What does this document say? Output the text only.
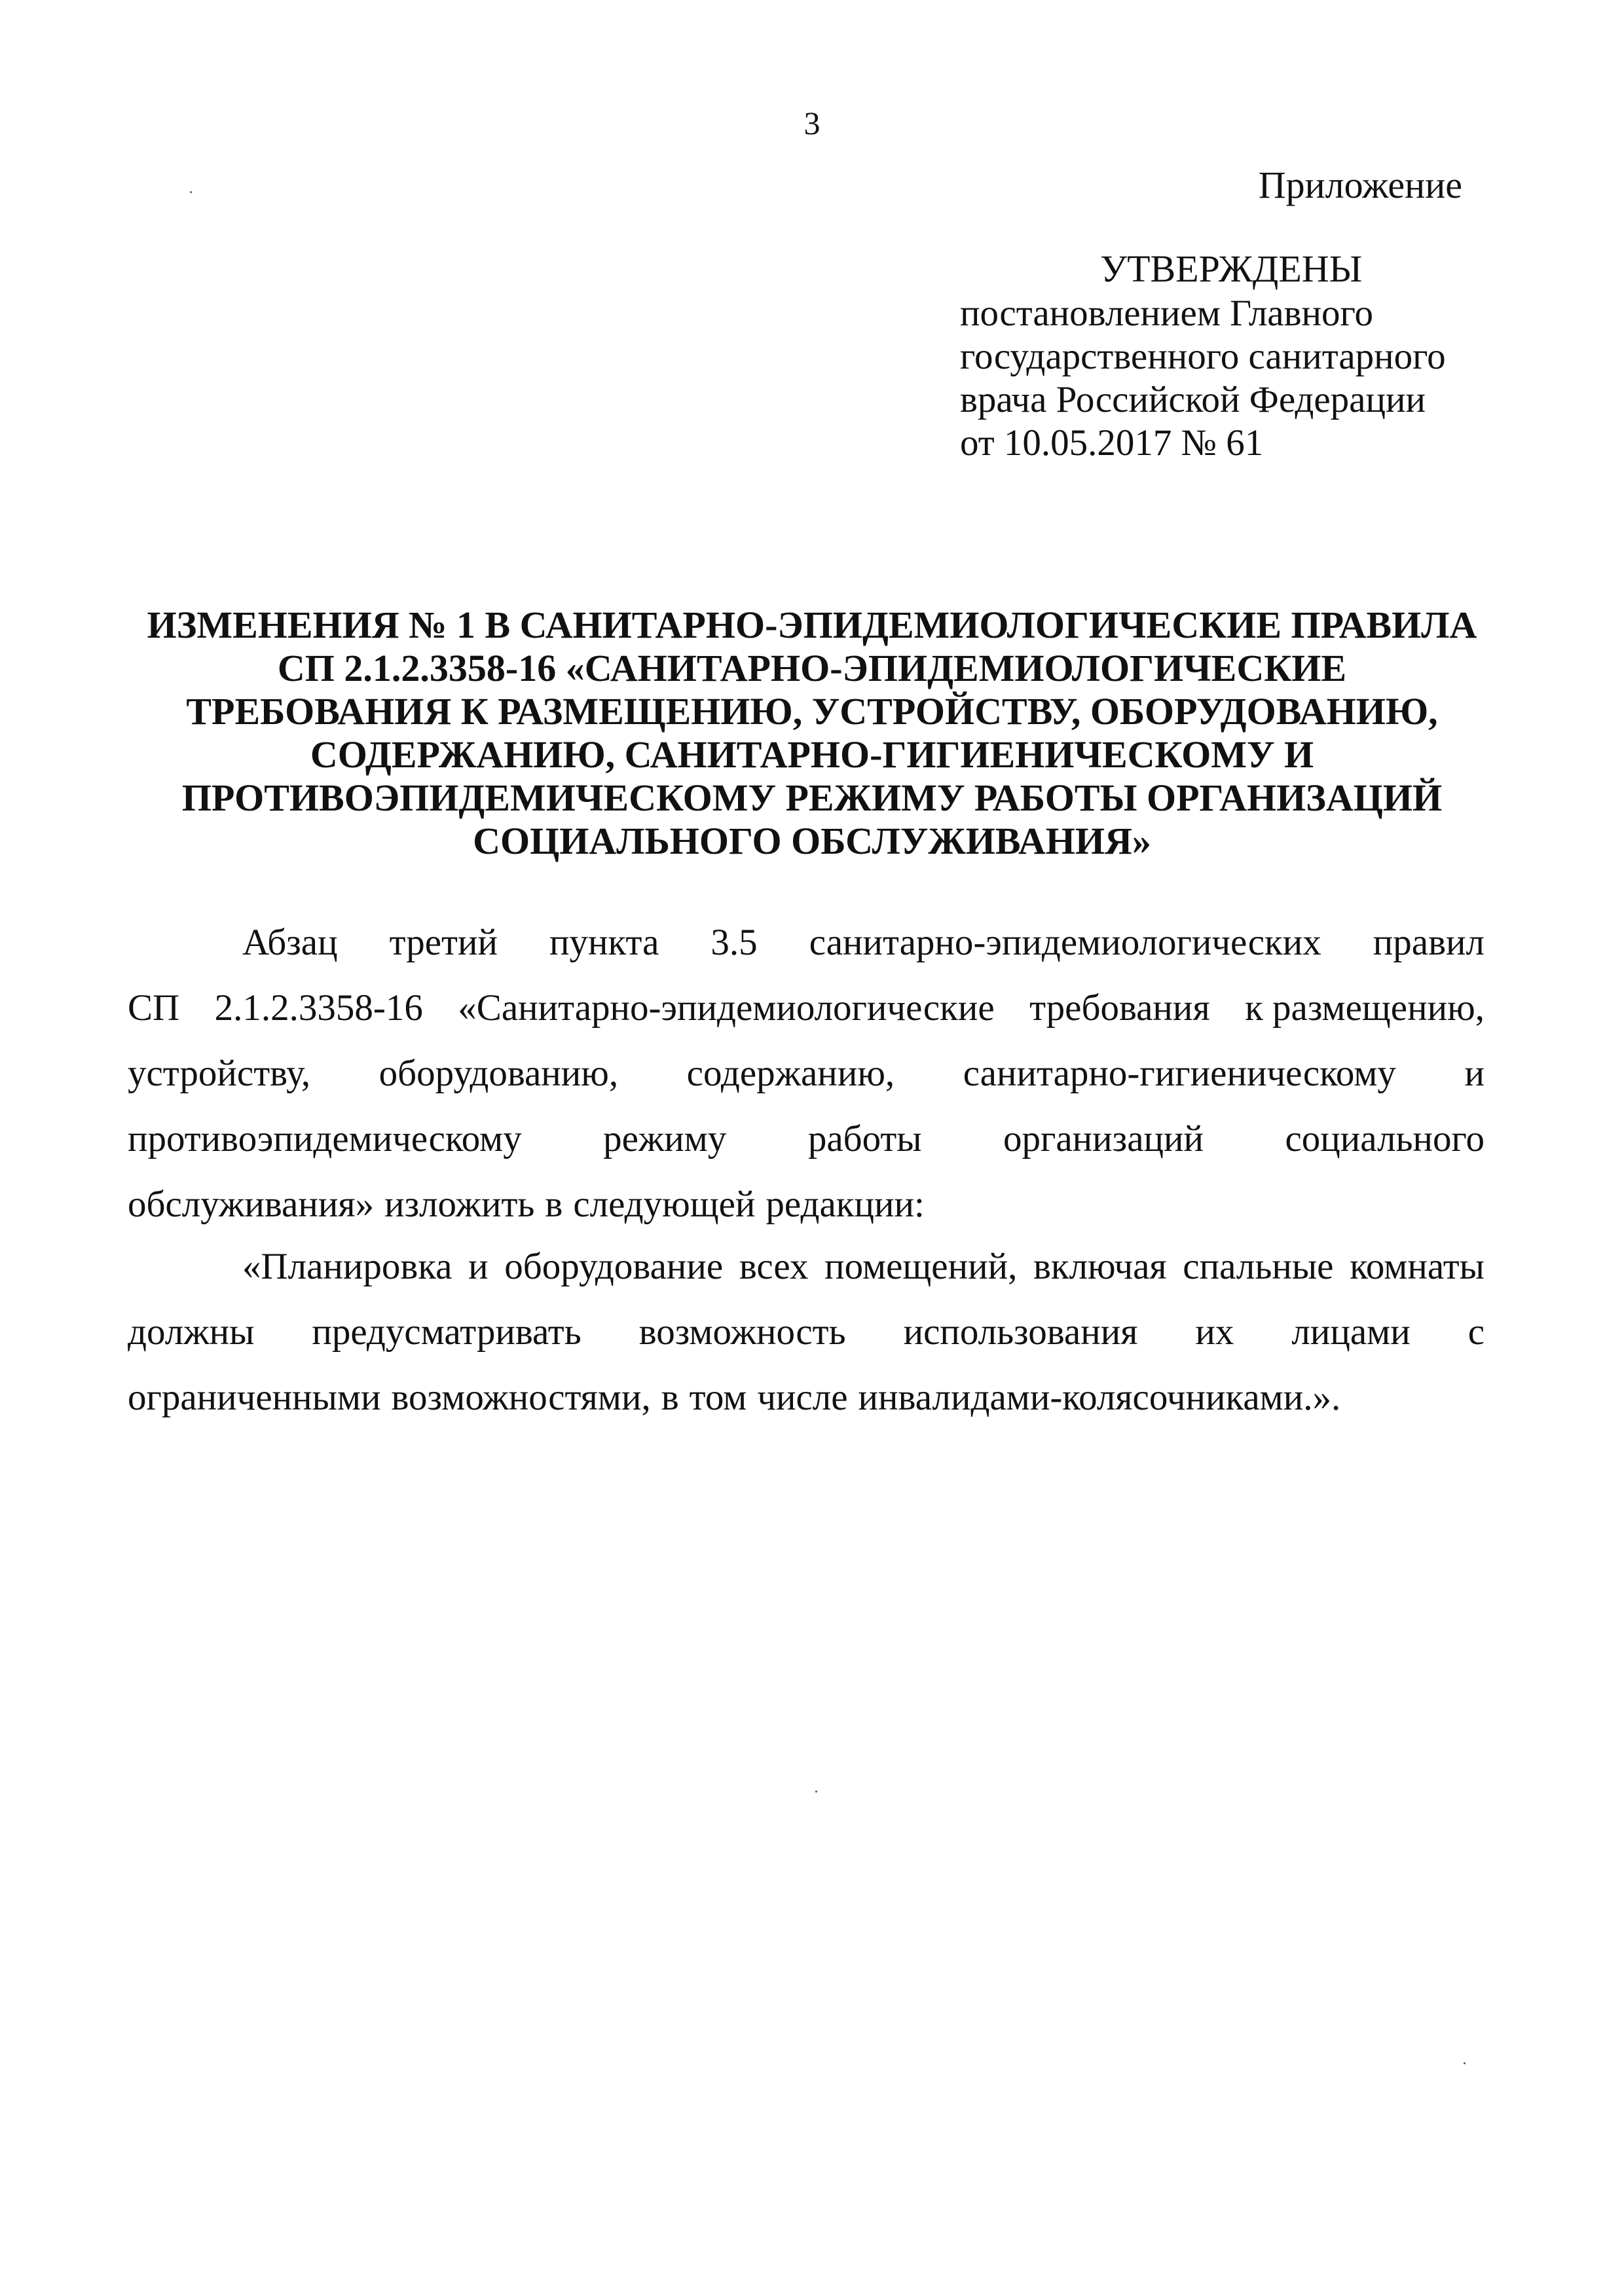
3
Приложение
УТВЕРЖДЕНЫ
постановлением Главного
государственного санитарного
врача Российской Федерации
от 10.05.2017 № 61
ИЗМЕНЕНИЯ № 1 В САНИТАРНО-ЭПИДЕМИОЛОГИЧЕСКИЕ ПРАВИЛА
СП 2.1.2.3358-16 «САНИТАРНО-ЭПИДЕМИОЛОГИЧЕСКИЕ
ТРЕБОВАНИЯ К РАЗМЕЩЕНИЮ, УСТРОЙСТВУ, ОБОРУДОВАНИЮ,
СОДЕРЖАНИЮ, САНИТАРНО-ГИГИЕНИЧЕСКОМУ И
ПРОТИВОЭПИДЕМИЧЕСКОМУ РЕЖИМУ РАБОТЫ ОРГАНИЗАЦИЙ
СОЦИАЛЬНОГО ОБСЛУЖИВАНИЯ»
Абзац третий пункта 3.5 санитарно-эпидемиологических правил
СП 2.1.2.3358-16 «Санитарно-эпидемиологические требования к размещению,
устройству, оборудованию, содержанию, санитарно-гигиеническому и
противоэпидемическому режиму работы организаций социального
обслуживания» изложить в следующей редакции:
«Планировка и оборудование всех помещений, включая спальные комнаты
должны предусматривать возможность использования их лицами с
ограниченными возможностями, в том числе инвалидами-колясочниками.».
